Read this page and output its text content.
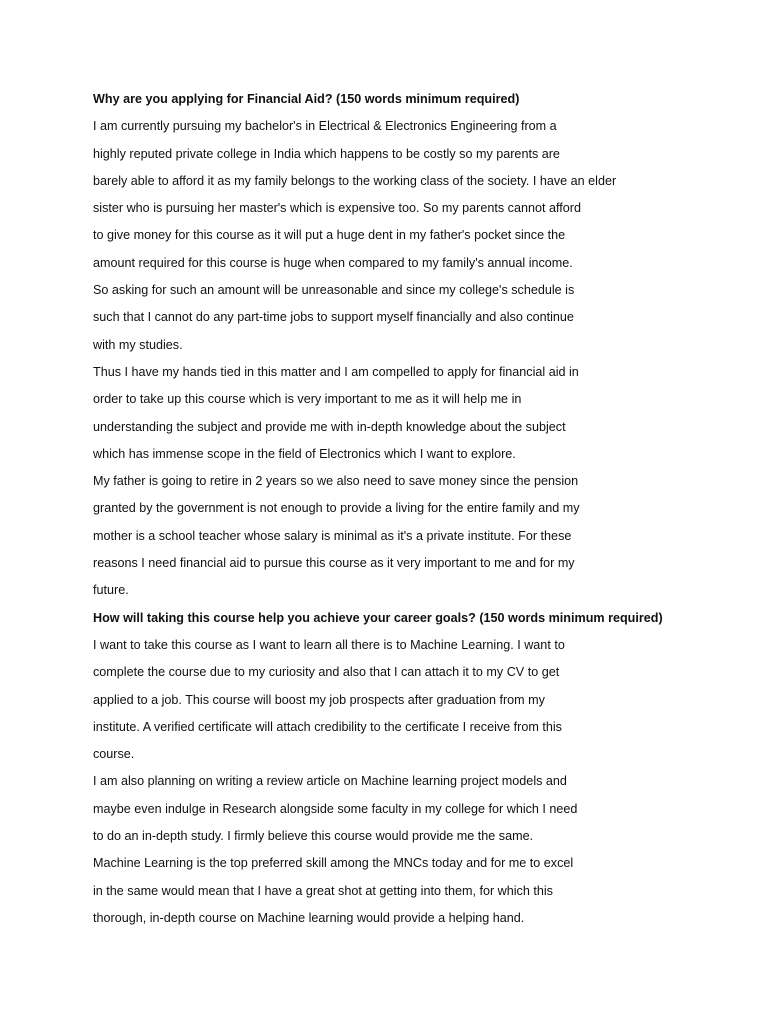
Why are you applying for Financial Aid? (150 words minimum required)
I am currently pursuing my bachelor's in Electrical & Electronics Engineering from a
highly reputed private college in India which happens to be costly so my parents are
barely able to afford it as my family belongs to the working class of the society. I have an elder
sister who is pursuing her master's which is expensive too. So my parents cannot afford
to give money for this course as it will put a huge dent in my father's pocket since the
amount required for this course is huge when compared to my family's annual income.
So asking for such an amount will be unreasonable and since my college's schedule is
such that I cannot do any part-time jobs to support myself financially and also continue
with my studies.
Thus I have my hands tied in this matter and I am compelled to apply for financial aid in
order to take up this course which is very important to me as it will help me in
understanding the subject and provide me with in-depth knowledge about the subject
which has immense scope in the field of Electronics which I want to explore.
My father is going to retire in 2 years so we also need to save money since the pension
granted by the government is not enough to provide a living for the entire family and my
mother is a school teacher whose salary is minimal as it's a private institute. For these
reasons I need financial aid to pursue this course as it very important to me and for my
future.
How will taking this course help you achieve your career goals? (150 words minimum required)
I want to take this course as I want to learn all there is to Machine Learning. I want to
complete the course due to my curiosity and also that I can attach it to my CV to get
applied to a job. This course will boost my job prospects after graduation from my
institute. A verified certificate will attach credibility to the certificate I receive from this
course.
I am also planning on writing a review article on Machine learning project models and
maybe even indulge in Research alongside some faculty in my college for which I need
to do an in-depth study. I firmly believe this course would provide me the same.
Machine Learning is the top preferred skill among the MNCs today and for me to excel
in the same would mean that I have a great shot at getting into them, for which this
thorough, in-depth course on Machine learning would provide a helping hand.
